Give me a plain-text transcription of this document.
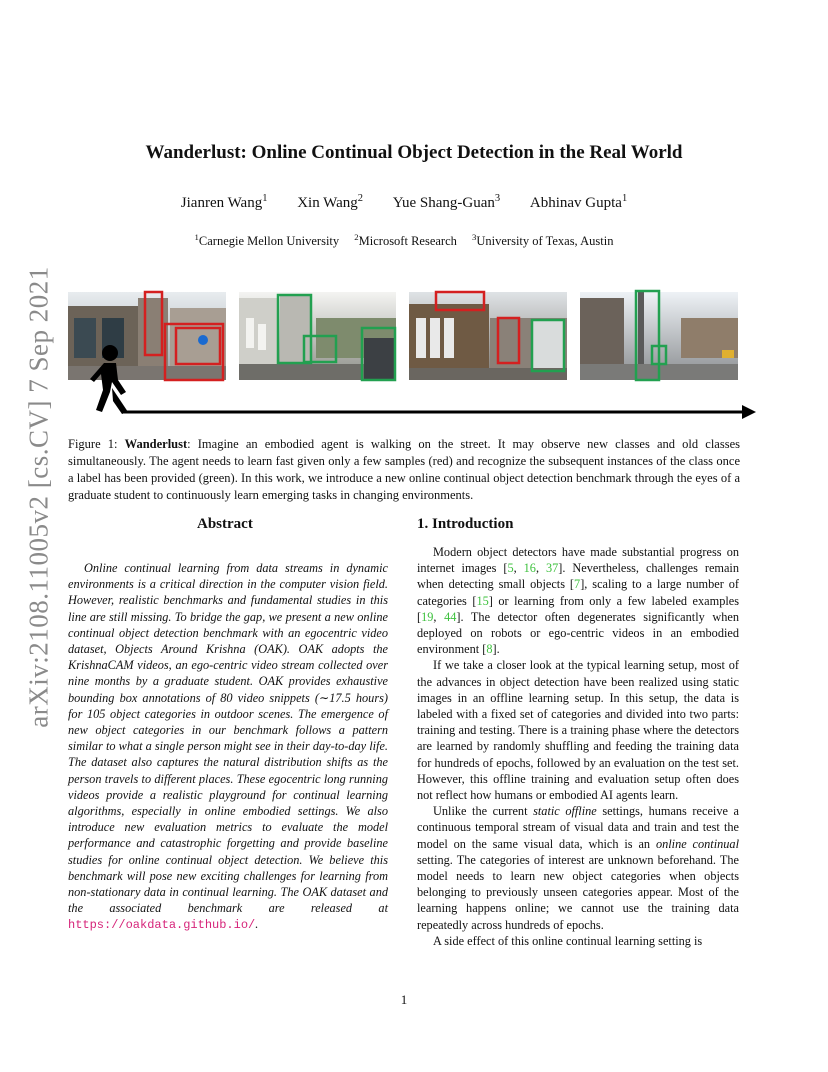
arXiv:2108.11005v2 [cs.CV] 7 Sep 2021
Wanderlust: Online Continual Object Detection in the Real World
Jianren Wang$^1$ Xin Wang$^2$ Yue Shang-Guan$^3$ Abhinav Gupta$^1$
$^1$Carnegie Mellon University $^2$Microsoft Research $^3$University of Texas, Austin
Figure 1: Wanderlust: Imagine an embodied agent is walking on the street. It may observe new classes and old classes simultaneously. The agent needs to learn fast given only a few samples (red) and recognize the subsequent instances of the class once a label has been provided (green). In this work, we introduce a new online continual object detection benchmark through the eyes of a graduate student to continuously learn emerging tasks in changing environments.
Abstract
Online continual learning from data streams in dynamic environments is a critical direction in the computer vision field. However, realistic benchmarks and fundamental studies in this line are still missing. To bridge the gap, we present a new online continual object detection benchmark with an egocentric video dataset, Objects Around Krishna (OAK). OAK adopts the KrishnaCAM videos, an ego-centric video stream collected over nine months by a graduate student. OAK provides exhaustive bounding box annotations of 80 video snippets (∼17.5 hours) for 105 object categories in outdoor scenes. The emergence of new object categories in our benchmark follows a pattern similar to what a single person might see in their day-to-day life. The dataset also captures the natural distribution shifts as the person travels to different places. These egocentric long running videos provide a realistic playground for continual learning algorithms, especially in online embodied settings. We also introduce new evaluation metrics to evaluate the model performance and catastrophic forgetting and provide baseline studies for online continual object detection. We believe this benchmark will pose new exciting challenges for learning from non-stationary data in continual learning. The OAK dataset and the associated benchmark are released at https://oakdata.github.io/.
1. Introduction

Modern object detectors have made substantial progress on internet images [5, 16, 37]. Nevertheless, challenges remain when detecting small objects [7], scaling to a large number of categories [15] or learning from only a few labeled examples [19, 44]. The detector often degenerates significantly when deployed on robots or ego-centric videos in an embodied environment [8].

If we take a closer look at the typical learning setup, most of the advances in object detection have been realized using static images in an offline learning setup. In this setup, the data is labeled with a fixed set of categories and divided into two parts: training and testing. There is a training phase where the detectors are learned by randomly shuffling and feeding the training data for hundreds of epochs, followed by an evaluation on the test set. However, this offline training and evaluation setup often does not reflect how humans or embodied AI agents learn.

Unlike the current static offline settings, humans receive a continuous temporal stream of visual data and train and test the model on the same visual data, which is an online continual setting. The categories of interest are unknown beforehand. The model needs to learn new object categories when objects belonging to previously unseen categories appear. Most of the learning happens online; we cannot use the training data repeatedly across hundreds of epochs.

A side effect of this online continual learning setting is

1
